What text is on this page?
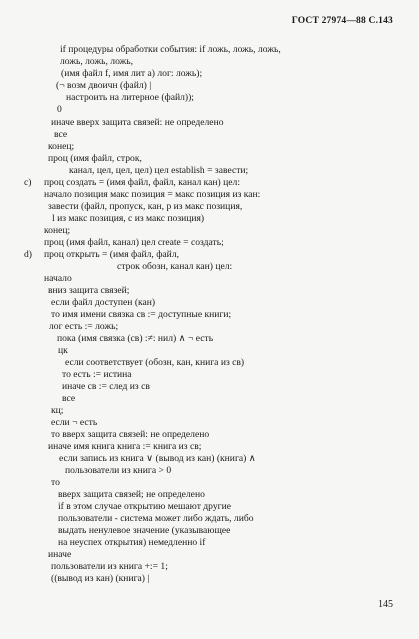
ГОСТ 27974—88 С.143
if процедуры обработки события: if ложь, ложь, ложь,
ложь, ложь, ложь,
(имя файл f, имя лит а) лог: ложь);
(¬ возм двоичн (файл) |
настроить на литерное (файл));
0
иначе вверх защита связей: не определено
все
конец;
проц (имя файл, строк,
канал, цел, цел, цел) цел establish = завести;
c) проц создать = (имя файл, файл, канал кан) цел:
начало позиция макс позиция = макс позиция из кан:
завести (файл, пропуск, кан, р из макс позиция,
l из макс позиция, с из макс позиция)
конец;
проц (имя файл, канал) цел create = создать;
d) проц открыть = (имя файл, файл,
строк обозн, канал кан) цел:
начало
вниз защита связей;
если файл доступен (кан)
то имя имени связка св := доступные книги;
лог есть := ложь;
пока (имя связка (св) :≠: нил) ∧ ¬ есть
цк
если соответствует (обозн, кан, книга из св)
то есть := истина
иначе св := след из св
все
кц;
если ¬ есть
то вверх защита связей: не определено
иначе имя книга книга := книга из св;
если запись из книга ∨ (вывод из кан) (книга) ∧
пользователи из книга > 0
то
вверх защита связей; не определено
if в этом случае открытию мешают другие
пользователи - система может либо ждать, либо
выдать ненулевое значение (указывающее
на неуспех открытия) немедленно if
иначе
пользователи из книга +:= 1;
((вывод из кан) (книга) |
145
